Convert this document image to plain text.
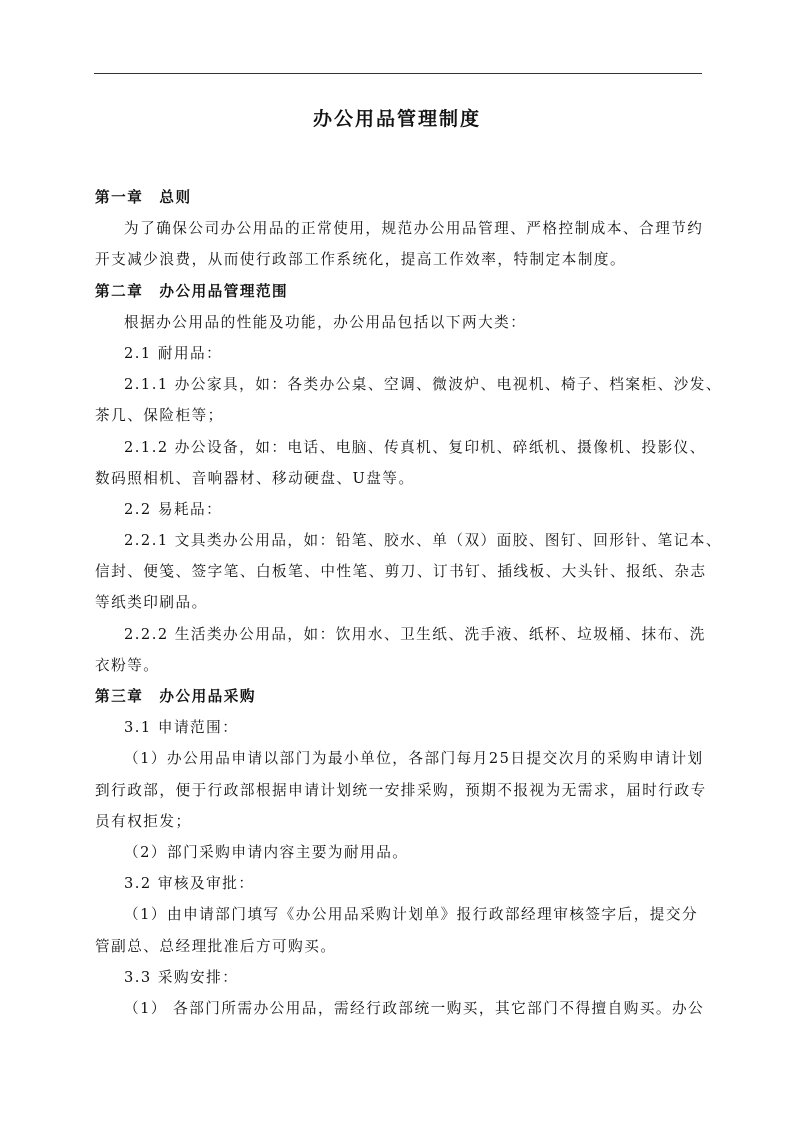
办公用品管理制度
第一章　总则
为了确保公司办公用品的正常使用，规范办公用品管理、严格控制成本、合理节约
开支减少浪费，从而使行政部工作系统化，提高工作效率，特制定本制度。
第二章　办公用品管理范围
根据办公用品的性能及功能，办公用品包括以下两大类：
2.1 耐用品：
2.1.1 办公家具，如：各类办公桌、空调、微波炉、电视机、椅子、档案柜、沙发、
茶几、保险柜等；
2.1.2 办公设备，如：电话、电脑、传真机、复印机、碎纸机、摄像机、投影仪、
数码照相机、音响器材、移动硬盘、U盘等。
2.2 易耗品：
2.2.1 文具类办公用品，如：铅笔、胶水、单（双）面胶、图钉、回形针、笔记本、
信封、便笺、签字笔、白板笔、中性笔、剪刀、订书钉、插线板、大头针、报纸、杂志
等纸类印刷品。
2.2.2 生活类办公用品，如：饮用水、卫生纸、洗手液、纸杯、垃圾桶、抹布、洗
衣粉等。
第三章　办公用品采购
3.1 申请范围：
（1）办公用品申请以部门为最小单位，各部门每月25日提交次月的采购申请计划
到行政部，便于行政部根据申请计划统一安排采购，预期不报视为无需求，届时行政专
员有权拒发；
（2）部门采购申请内容主要为耐用品。
3.2 审核及审批：
（1）由申请部门填写《办公用品采购计划单》报行政部经理审核签字后，提交分
管副总、总经理批准后方可购买。
3.3 采购安排：
（1） 各部门所需办公用品，需经行政部统一购买，其它部门不得擅自购买。办公
